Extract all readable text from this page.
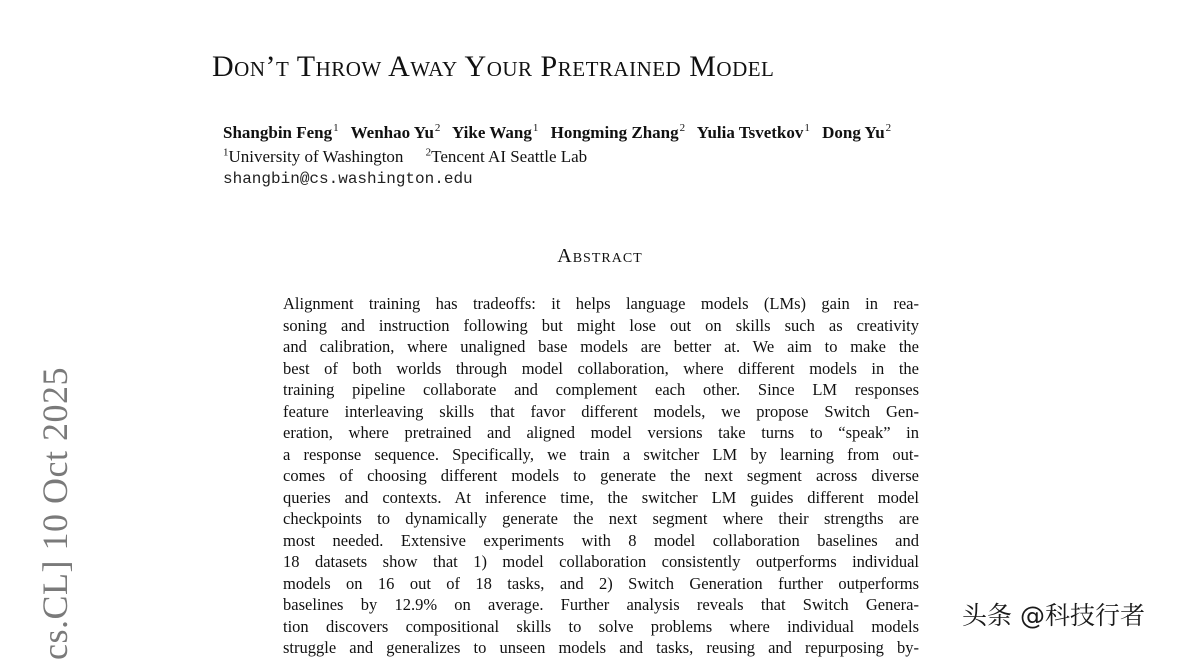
cs.CL] 10 Oct 2025
Don’t Throw Away Your Pretrained Model
Shangbin Feng$^1$ Wenhao Yu$^2$ Yike Wang$^1$ Hongming Zhang$^2$ Yulia Tsvetkov$^1$ Dong Yu$^2$
$^1$University of Washington $^2$Tencent AI Seattle Lab
shangbin@cs.washington.edu
Abstract
Alignment training has tradeoffs: it helps language models (LMs) gain in rea-
soning and instruction following but might lose out on skills such as creativity
and calibration, where unaligned base models are better at. We aim to make the
best of both worlds through model collaboration, where different models in the
training pipeline collaborate and complement each other. Since LM responses
feature interleaving skills that favor different models, we propose Switch Gen-
eration, where pretrained and aligned model versions take turns to “speak” in
a response sequence. Specifically, we train a switcher LM by learning from out-
comes of choosing different models to generate the next segment across diverse
queries and contexts. At inference time, the switcher LM guides different model
checkpoints to dynamically generate the next segment where their strengths are
most needed. Extensive experiments with 8 model collaboration baselines and
18 datasets show that 1) model collaboration consistently outperforms individual
models on 16 out of 18 tasks, and 2) Switch Generation further outperforms
baselines by 12.9% on average. Further analysis reveals that Switch Genera-
tion discovers compositional skills to solve problems where individual models
struggle and generalizes to unseen models and tasks, reusing and repurposing by-
头条 @科技行者
